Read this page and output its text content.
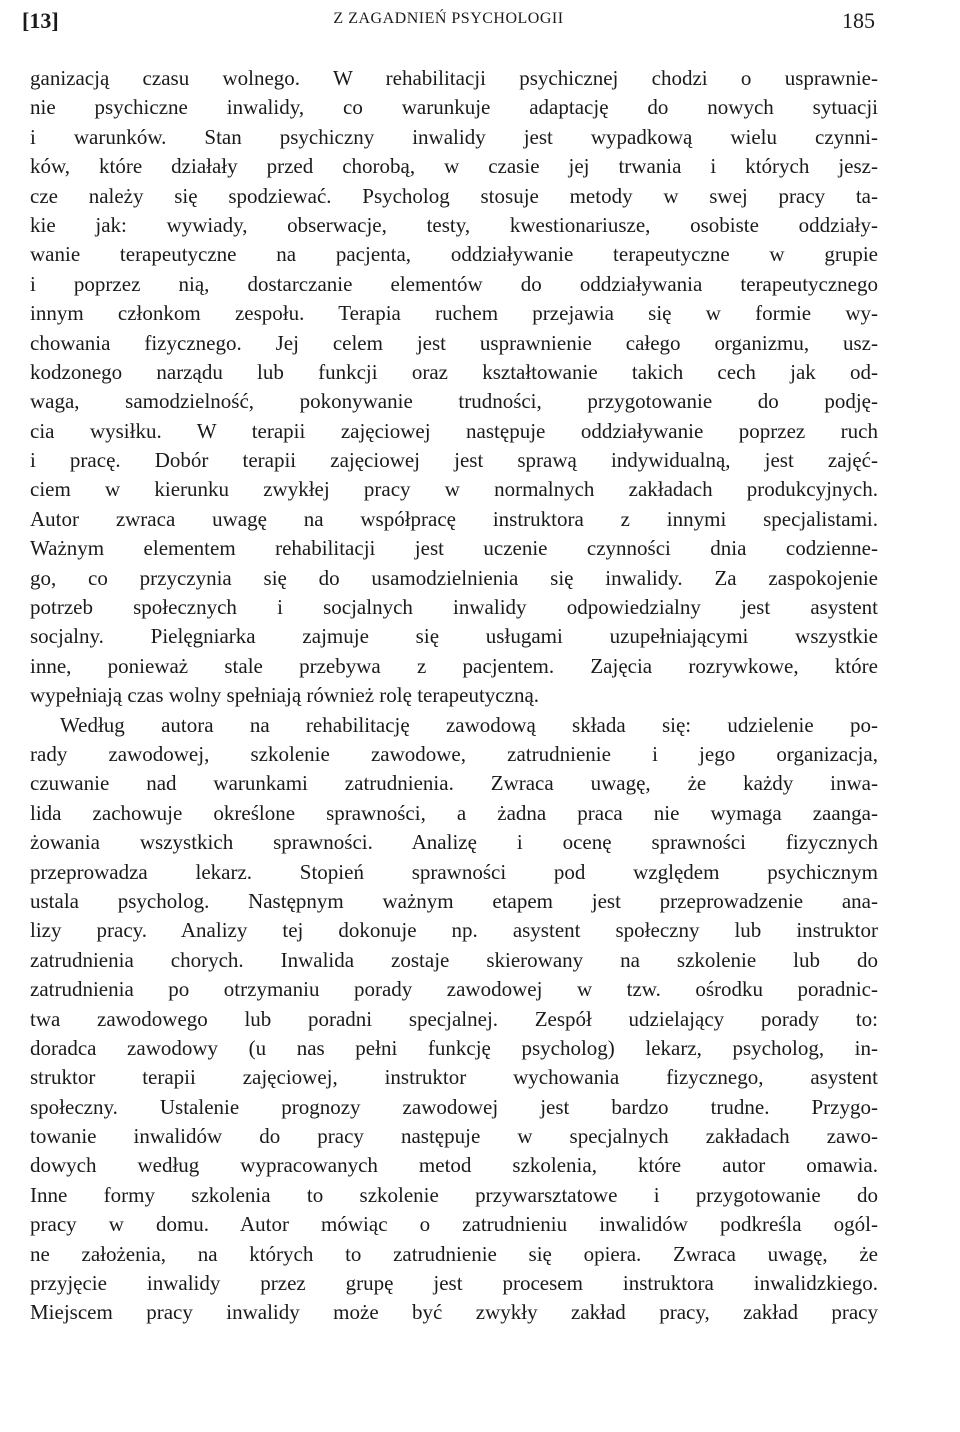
[13]	Z ZAGADNIEŃ PSYCHOLOGII	185
ganizacją czasu wolnego. W rehabilitacji psychicznej chodzi o usprawnie-
nie psychiczne inwalidy, co warunkuje adaptację do nowych sytuacji
i warunków. Stan psychiczny inwalidy jest wypadkową wielu czynni-
ków, które działały przed chorobą, w czasie jej trwania i których jesz-
cze należy się spodziewać. Psycholog stosuje metody w swej pracy ta-
kie jak: wywiady, obserwacje, testy, kwestionariusze, osobiste oddziały-
wanie terapeutyczne na pacjenta, oddziaływanie terapeutyczne w grupie
i poprzez nią, dostarczanie elementów do oddziaływania terapeutycznego
innym członkom zespołu. Terapia ruchem przejawia się w formie wy-
chowania fizycznego. Jej celem jest usprawnienie całego organizmu, usz-
kodzonego narządu lub funkcji oraz kształtowanie takich cech jak od-
waga, samodzielność, pokonywanie trudności, przygotowanie do podję-
cia wysiłku. W terapii zajęciowej następuje oddziaływanie poprzez ruch
i pracę. Dobór terapii zajęciowej jest sprawą indywidualną, jest zajęć-
ciem w kierunku zwykłej pracy w normalnych zakładach produkcyjnych.
Autor zwraca uwagę na współpracę instruktora z innymi specjalistami.
Ważnym elementem rehabilitacji jest uczenie czynności dnia codzienne-
go, co przyczynia się do usamodzielnienia się inwalidy. Za zaspokojenie
potrzeb społecznych i socjalnych inwalidy odpowiedzialny jest asystent
socjalny. Pielęgniarka zajmuje się usługami uzupełniającymi wszystkie
inne, ponieważ stale przebywa z pacjentem. Zajęcia rozrywkowe, które
wypełniają czas wolny spełniają również rolę terapeutyczną.
Według autora na rehabilitację zawodową składa się: udzielenie po-
rady zawodowej, szkolenie zawodowe, zatrudnienie i jego organizacja,
czuwanie nad warunkami zatrudnienia. Zwraca uwagę, że każdy inwa-
lida zachowuje określone sprawności, a żadna praca nie wymaga zaanga-
żowania wszystkich sprawności. Analizę i ocenę sprawności fizycznych
przeprowadza lekarz. Stopień sprawności pod względem psychicznym
ustala psycholog. Następnym ważnym etapem jest przeprowadzenie ana-
lizy pracy. Analizy tej dokonuje np. asystent społeczny lub instruktor
zatrudnienia chorych. Inwalida zostaje skierowany na szkolenie lub do
zatrudnienia po otrzymaniu porady zawodowej w tzw. ośrodku poradnic-
twa zawodowego lub poradni specjalnej. Zespół udzielający porady to:
doradca zawodowy (u nas pełni funkcję psycholog) lekarz, psycholog, in-
struktor terapii zajęciowej, instruktor wychowania fizycznego, asystent
społeczny. Ustalenie prognozy zawodowej jest bardzo trudne. Przygo-
towanie inwalidów do pracy następuje w specjalnych zakładach zawo-
dowych według wypracowanych metod szkolenia, które autor omawia.
Inne formy szkolenia to szkolenie przywarsztatowe i przygotowanie do
pracy w domu. Autor mówiąc o zatrudnieniu inwalidów podkreśla ogól-
ne założenia, na których to zatrudnienie się opiera. Zwraca uwagę, że
przyjęcie inwalidy przez grupę jest procesem instruktora inwalidzkiego.
Miejscem pracy inwalidy może być zwykły zakład pracy, zakład pracy
